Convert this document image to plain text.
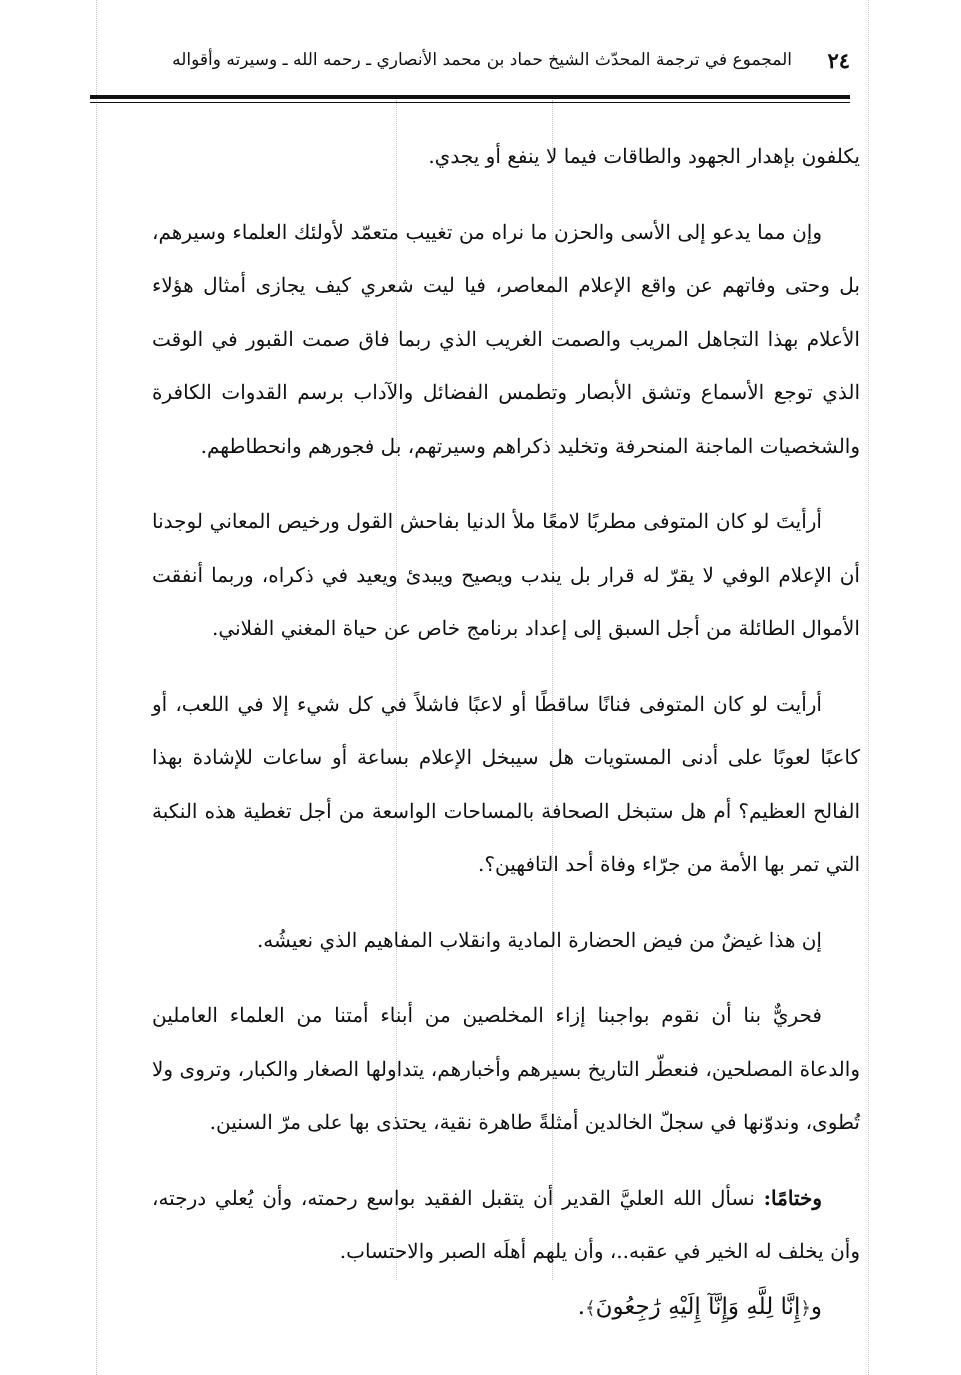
٢٤
المجموع في ترجمة المحدّث الشيخ حماد بن محمد الأنصاري ـ رحمه الله ـ وسيرته وأقواله

يكلفون بإهدار الجهود والطاقات فيما لا ينفع أو يجدي.

وإن مما يدعو إلى الأسى والحزن ما نراه من تغييب متعمّد لأولئك العلماء وسيرهم، بل وحتى وفاتهم عن واقع الإعلام المعاصر، فيا ليت شعري كيف يجازى أمثال هؤلاء الأعلام بهذا التجاهل المريب والصمت الغريب الذي ربما فاق صمت القبور في الوقت الذي توجع الأسماع وتشق الأبصار وتطمس الفضائل والآداب برسم القدوات الكافرة والشخصيات الماجنة المنحرفة وتخليد ذكراهم وسيرتهم، بل فجورهم وانحطاطهم.

أرأيتَ لو كان المتوفى مطربًا لامعًا ملأ الدنيا بفاحش القول ورخيص المعاني لوجدنا أن الإعلام الوفي لا يقرّ له قرار بل يندب ويصيح ويبدئ ويعيد في ذكراه، وربما أنفقت الأموال الطائلة من أجل السبق إلى إعداد برنامج خاص عن حياة المغني الفلاني.

أرأيت لو كان المتوفى فنانًا ساقطًا أو لاعبًا فاشلاً في كل شيء إلا في اللعب، أو كاعبًا لعوبًا على أدنى المستويات هل سيبخل الإعلام بساعة أو ساعات للإشادة بهذا الفالح العظيم؟ أم هل ستبخل الصحافة بالمساحات الواسعة من أجل تغطية هذه النكبة التي تمر بها الأمة من جرّاء وفاة أحد التافهين؟.

إن هذا غيضٌ من فيض الحضارة المادية وانقلاب المفاهيم الذي نعيشُه.

فحريٌّ بنا أن نقوم بواجبنا إزاء المخلصين من أبناء أمتنا من العلماء العاملين والدعاة المصلحين، فنعطّر التاريخ بسيرهم وأخبارهم، يتداولها الصغار والكبار، وتروى ولا تُطوى، وندوّنها في سجلّ الخالدين أمثلةً طاهرة نقية، يحتذى بها على مرّ السنين.

وختامًا: نسأل الله العليَّ القدير أن يتقبل الفقيد بواسع رحمته، وأن يُعلي درجته، وأن يخلف له الخير في عقبه..، وأن يلهم أهلَه الصبر والاحتساب.

و﴿إِنَّا لِلَّهِ وَإِنَّآ إِلَيْهِ رَٰجِعُونَ﴾.
